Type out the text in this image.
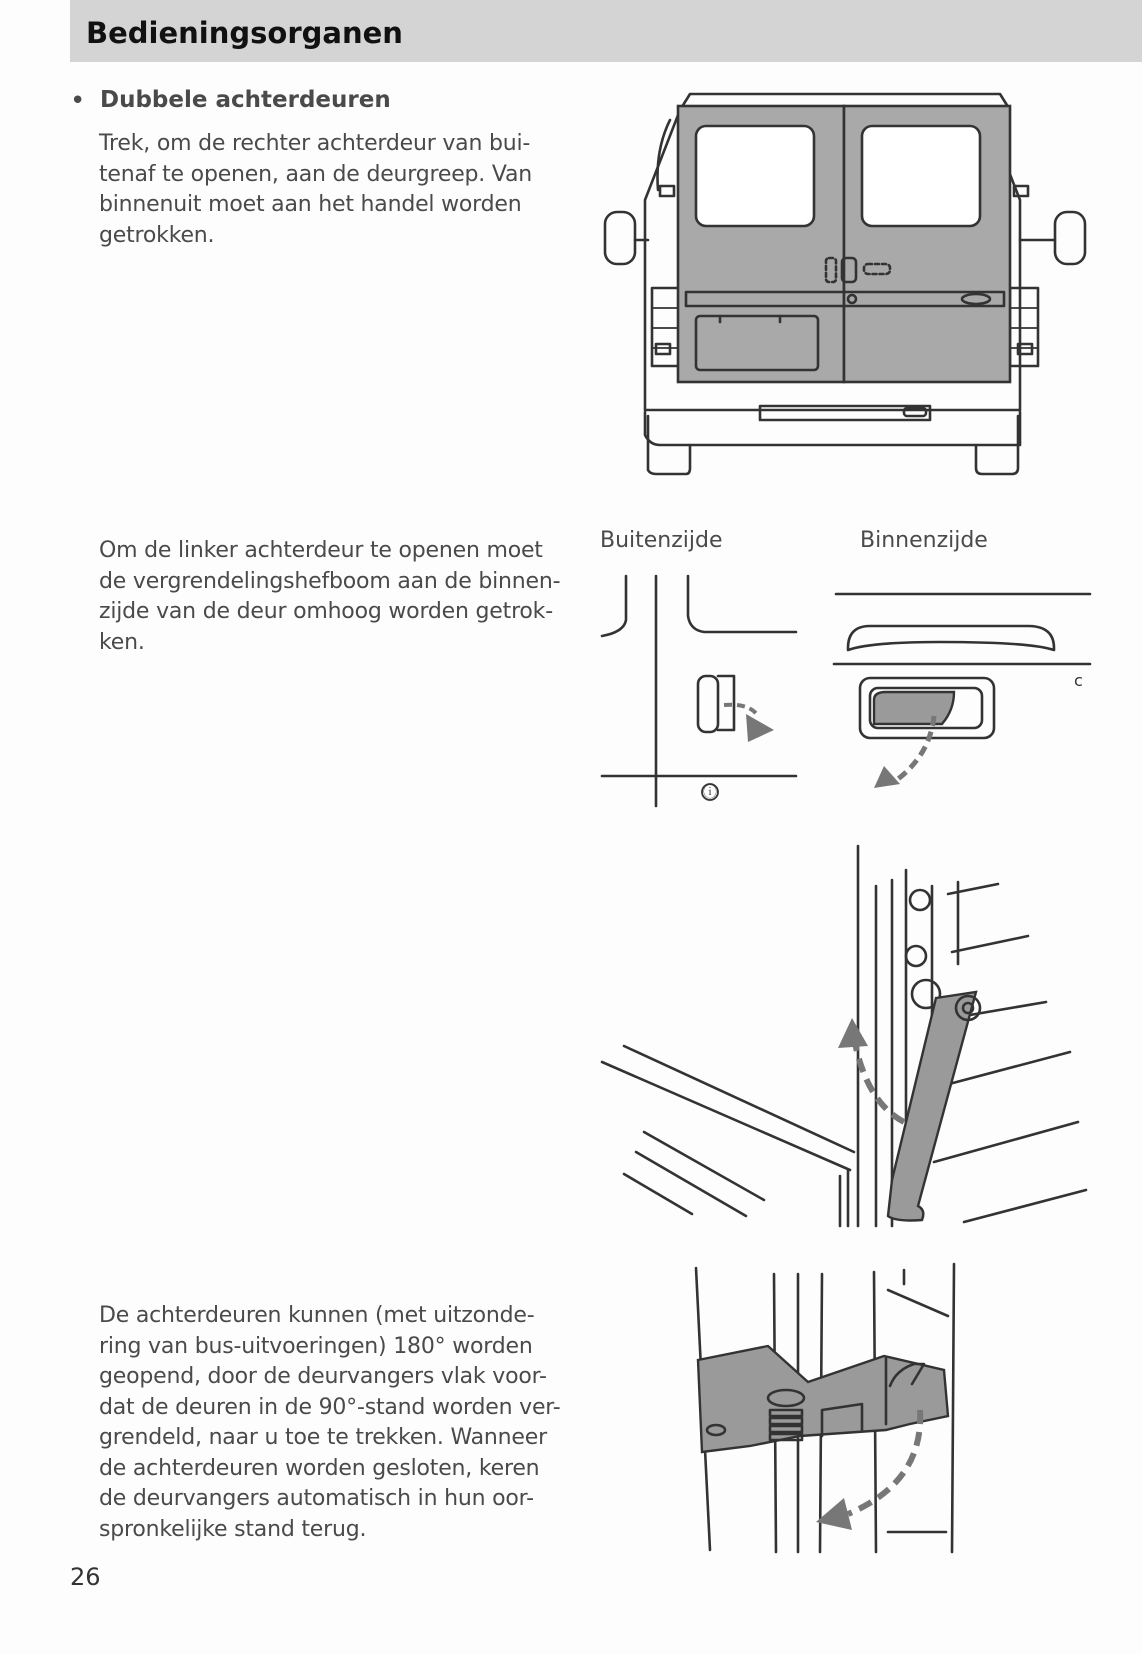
Bedieningsorganen
• Dubbele achterdeuren
Trek, om de rechter achterdeur van bui-
tenaf te openen, aan de deurgreep. Van
binnenuit moet aan het handel worden
getrokken.
Om de linker achterdeur te openen moet
de vergrendelingshefboom aan de binnen-
zijde van de deur omhoog worden getrok-
ken.
De achterdeuren kunnen (met uitzonde-
ring van bus-uitvoeringen) 180° worden
geopend, door de deurvangers vlak voor-
dat de deuren in de 90°-stand worden ver-
grendeld, naar u toe te trekken. Wanneer
de achterdeuren worden gesloten, keren
de deurvangers automatisch in hun oor-
spronkelijke stand terug.
Buitenzijde	Binnenzijde
ⓘ
c
26
